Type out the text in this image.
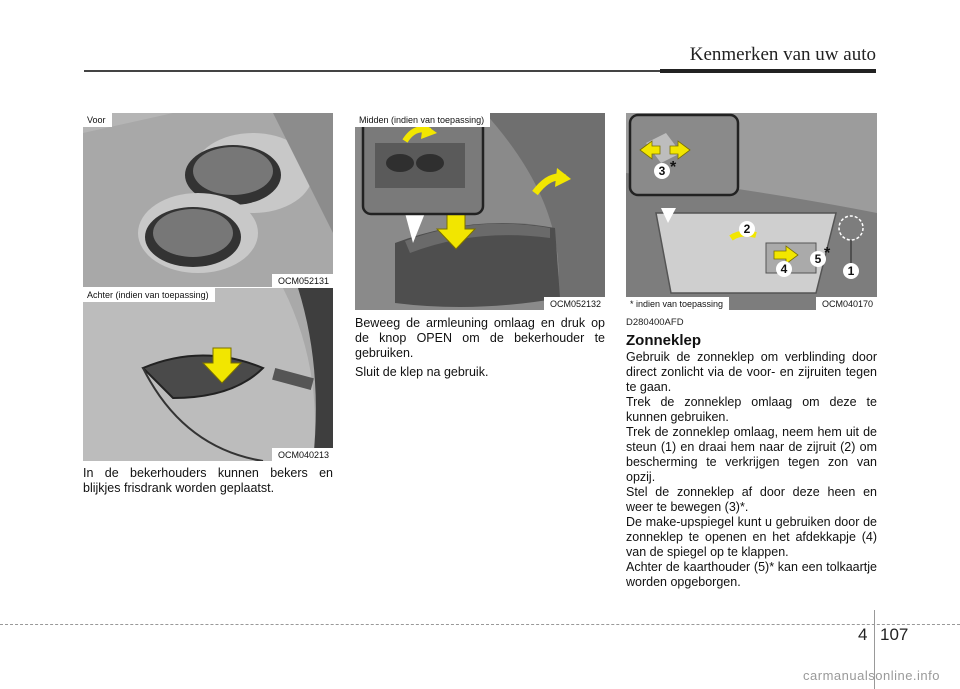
Kenmerken van uw auto
Voor
OCM052131
Achter (indien van toepassing)
OCM040213
Midden (indien van toepassing)
OCM052132
3 *
2
4
5 *
1
* indien van toepassing	OCM040170

In de bekerhouders kunnen bekers en blijkjes frisdrank worden geplaatst.

Beweeg de armleuning omlaag en druk op de knop OPEN om de bekerhouder te gebruiken.

Sluit de klep na gebruik.

D280400AFD
Zonneklep

Gebruik de zonneklep om verblinding door direct zonlicht via de voor- en zijruiten tegen te gaan.

Trek de zonneklep omlaag om deze te kunnen gebruiken.

Trek de zonneklep omlaag, neem hem uit de steun (1) en draai hem naar de zijruit (2) om bescherming te verkrijgen tegen zon van opzij.

Stel de zonneklep af door deze heen en weer te bewegen (3)*.

De make-upspiegel kunt u gebruiken door de zonneklep te openen en het afdekkapje (4) van de spiegel op te klappen.

Achter de kaarthouder (5)* kan een tolkaartje worden opgeborgen.

4 107
carmanualsonline.info
